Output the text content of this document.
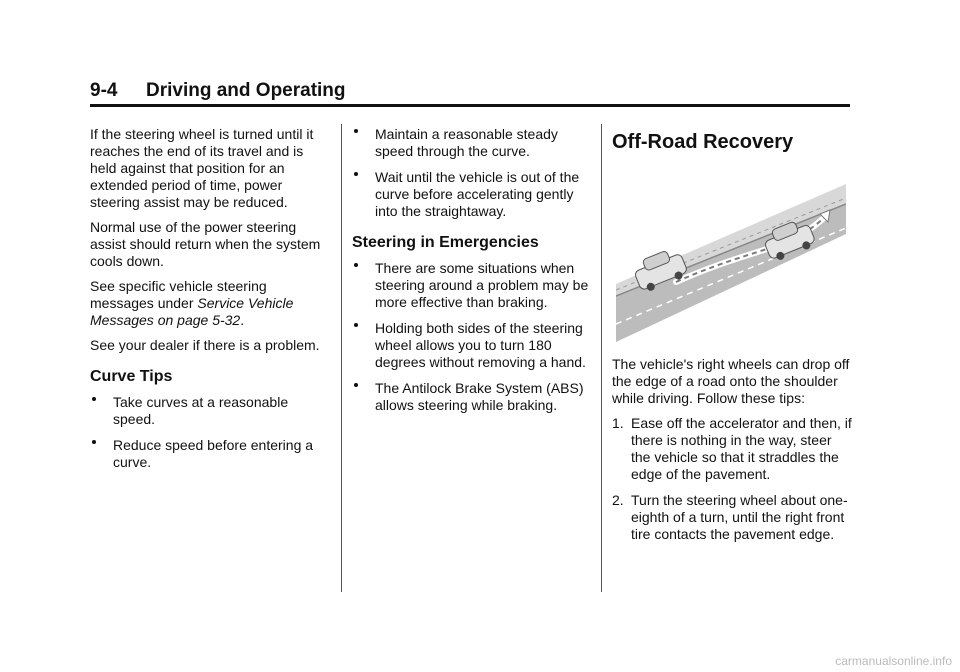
9-4 Driving and Operating

If the steering wheel is turned until it reaches the end of its travel and is held against that position for an extended period of time, power steering assist may be reduced.

Normal use of the power steering assist should return when the system cools down.

See specific vehicle steering messages under Service Vehicle Messages on page 5-32.

See your dealer if there is a problem.

Curve Tips
Take curves at a reasonable speed.
Reduce speed before entering a curve.
Maintain a reasonable steady speed through the curve.
Wait until the vehicle is out of the curve before accelerating gently into the straightaway.
Steering in Emergencies
There are some situations when steering around a problem may be more effective than braking.
Holding both sides of the steering wheel allows you to turn 180 degrees without removing a hand.
The Antilock Brake System (ABS) allows steering while braking.
Off-Road Recovery

The vehicle's right wheels can drop off the edge of a road onto the shoulder while driving. Follow these tips:

1. Ease off the accelerator and then, if there is nothing in the way, steer the vehicle so that it straddles the edge of the pavement.
2. Turn the steering wheel about one-eighth of a turn, until the right front tire contacts the pavement edge.
carmanualsonline.info
